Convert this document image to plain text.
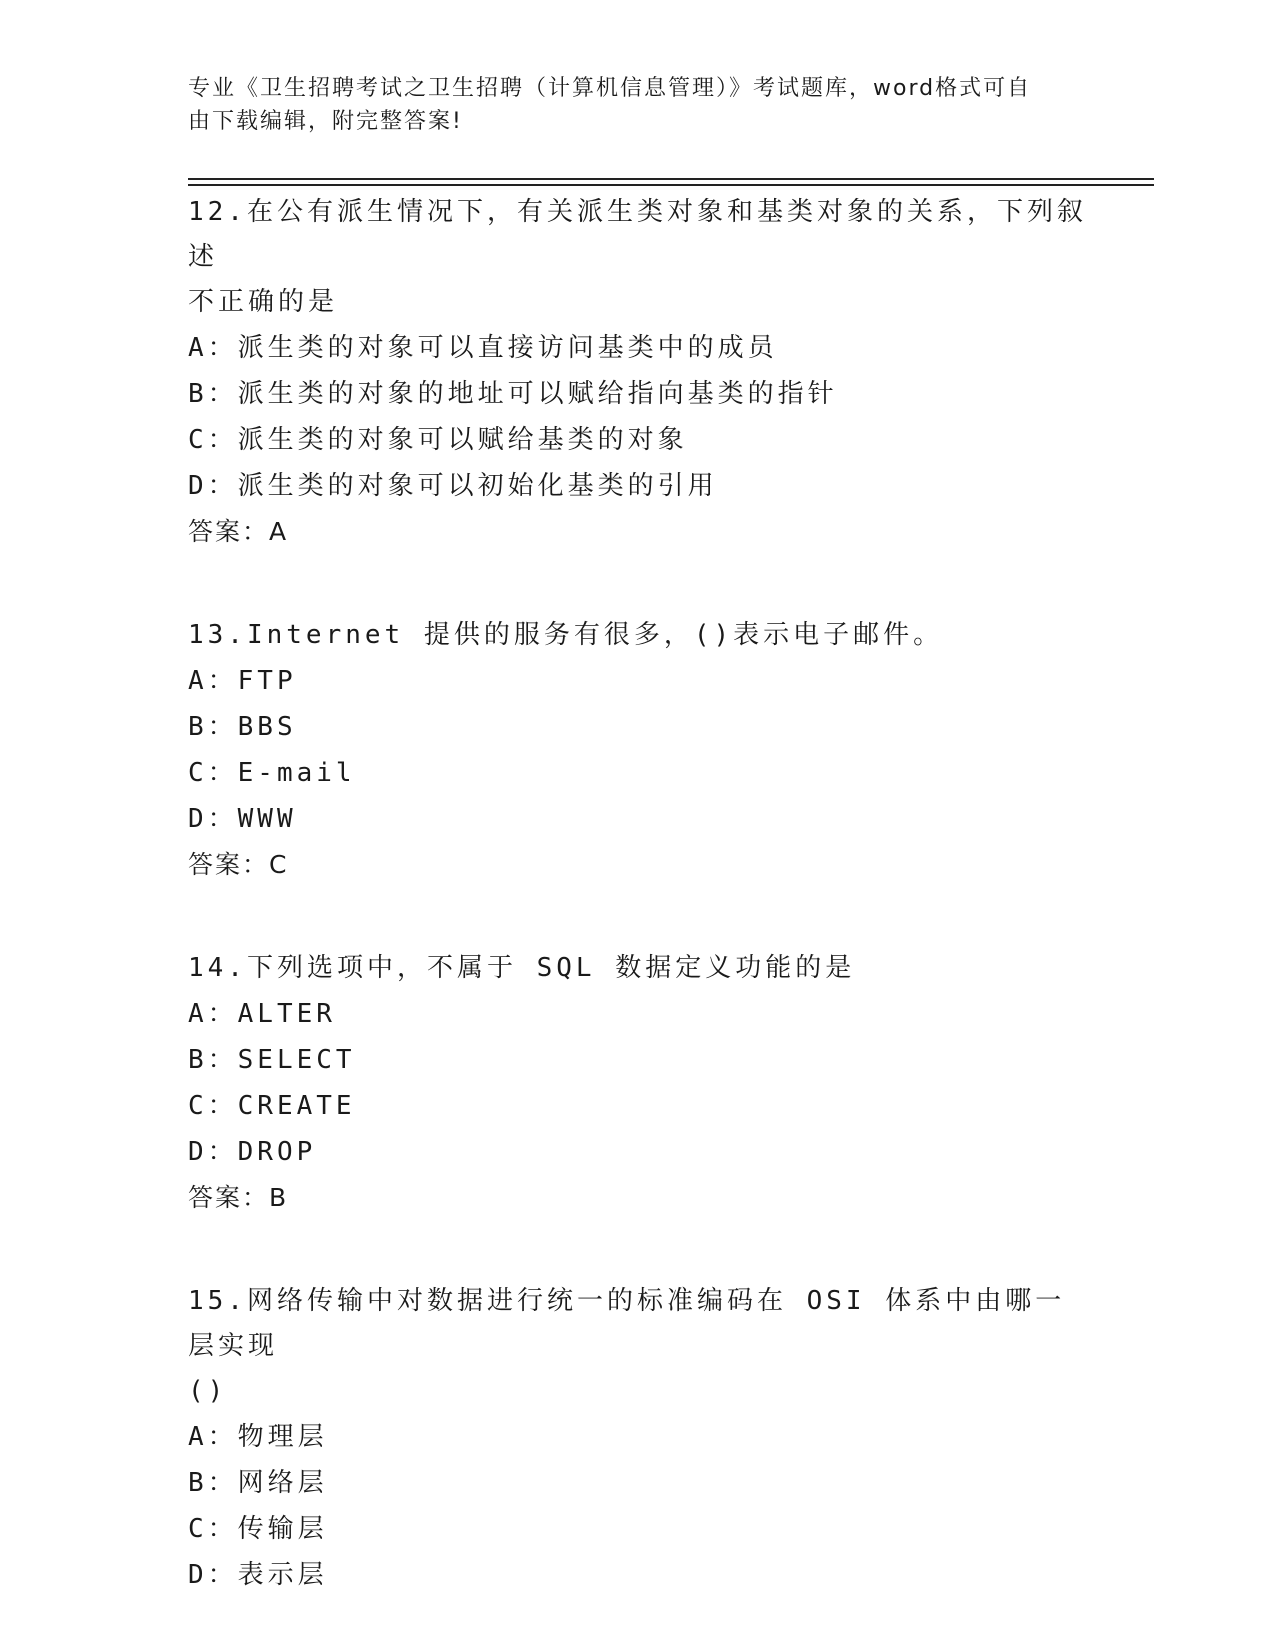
专业《卫生招聘考试之卫生招聘（计算机信息管理）》考试题库，word格式可自
由下载编辑，附完整答案!

12.在公有派生情况下，有关派生类对象和基类对象的关系，下列叙述

不正确的是

A：派生类的对象可以直接访问基类中的成员

B：派生类的对象的地址可以赋给指向基类的指针

C：派生类的对象可以赋给基类的对象

D：派生类的对象可以初始化基类的引用

答案：A

13.Internet 提供的服务有很多，()表示电子邮件。

A：FTP

B：BBS

C：E-mail

D：WWW

答案：C

14.下列选项中，不属于 SQL 数据定义功能的是

A：ALTER

B：SELECT

C：CREATE

D：DROP

答案：B

15.网络传输中对数据进行统一的标准编码在 OSI 体系中由哪一层实现

()

A：物理层

B：网络层

C：传输层

D：表示层
